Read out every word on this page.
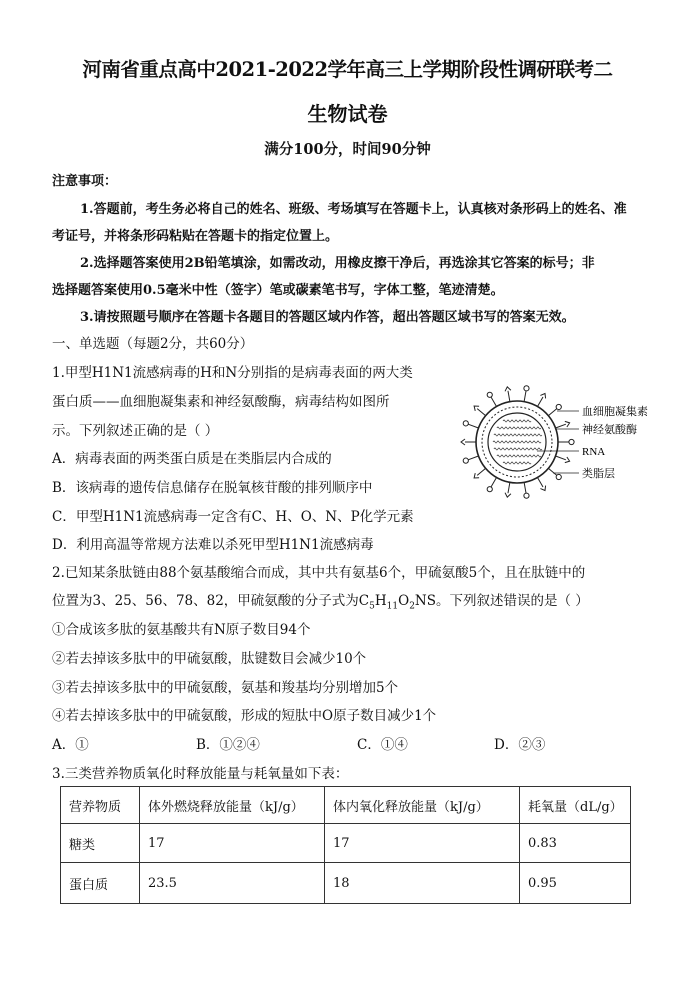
河南省重点高中2021-2022学年高三上学期阶段性调研联考二
生物试卷
满分100分，时间90分钟
注意事项：
1.答题前，考生务必将自己的姓名、班级、考场填写在答题卡上，认真核对条形码上的姓名、准
考证号，并将条形码粘贴在答题卡的指定位置上。
2.选择题答案使用2B铅笔填涂，如需改动，用橡皮擦干净后，再选涂其它答案的标号；非
选择题答案使用0.5毫米中性（签字）笔或碳素笔书写，字体工整，笔迹清楚。
3.请按照题号顺序在答题卡各题目的答题区域内作答，超出答题区域书写的答案无效。
一、单选题（每题2分，共60分）
1.甲型H1N1流感病毒的H和N分别指的是病毒表面的两大类
蛋白质——血细胞凝集素和神经氨酸酶，病毒结构如图所
示。下列叙述正确的是（ ）
A．病毒表面的两类蛋白质是在类脂层内合成的
B．该病毒的遗传信息储存在脱氧核苷酸的排列顺序中
C．甲型H1N1流感病毒一定含有C、H、O、N、P化学元素
D．利用高温等常规方法难以杀死甲型H1N1流感病毒
血细胞凝集素
神经氨酸酶
RNA
类脂层
2.已知某条肽链由88个氨基酸缩合而成，其中共有氨基6个，甲硫氨酸5个，且在肽链中的
位置为3、25、56、78、82，甲硫氨酸的分子式为$C_5H_{11}O_2NS$。下列叙述错误的是（ ）
①合成该多肽的氨基酸共有N原子数目94个
②若去掉该多肽中的甲硫氨酸，肽键数目会减少10个
③若去掉该多肽中的甲硫氨酸，氨基和羧基均分别增加5个
④若去掉该多肽中的甲硫氨酸，形成的短肽中O原子数目减少1个
A．①	B．①②④	C．①④	D．②③
3.三类营养物质氧化时释放能量与耗氧量如下表：
营养物质	体外燃烧释放能量（kJ/g）	体内氧化释放能量（kJ/g）	耗氧量（dL/g）
糖类	17	17	0.83
蛋白质	23.5	18	0.95
